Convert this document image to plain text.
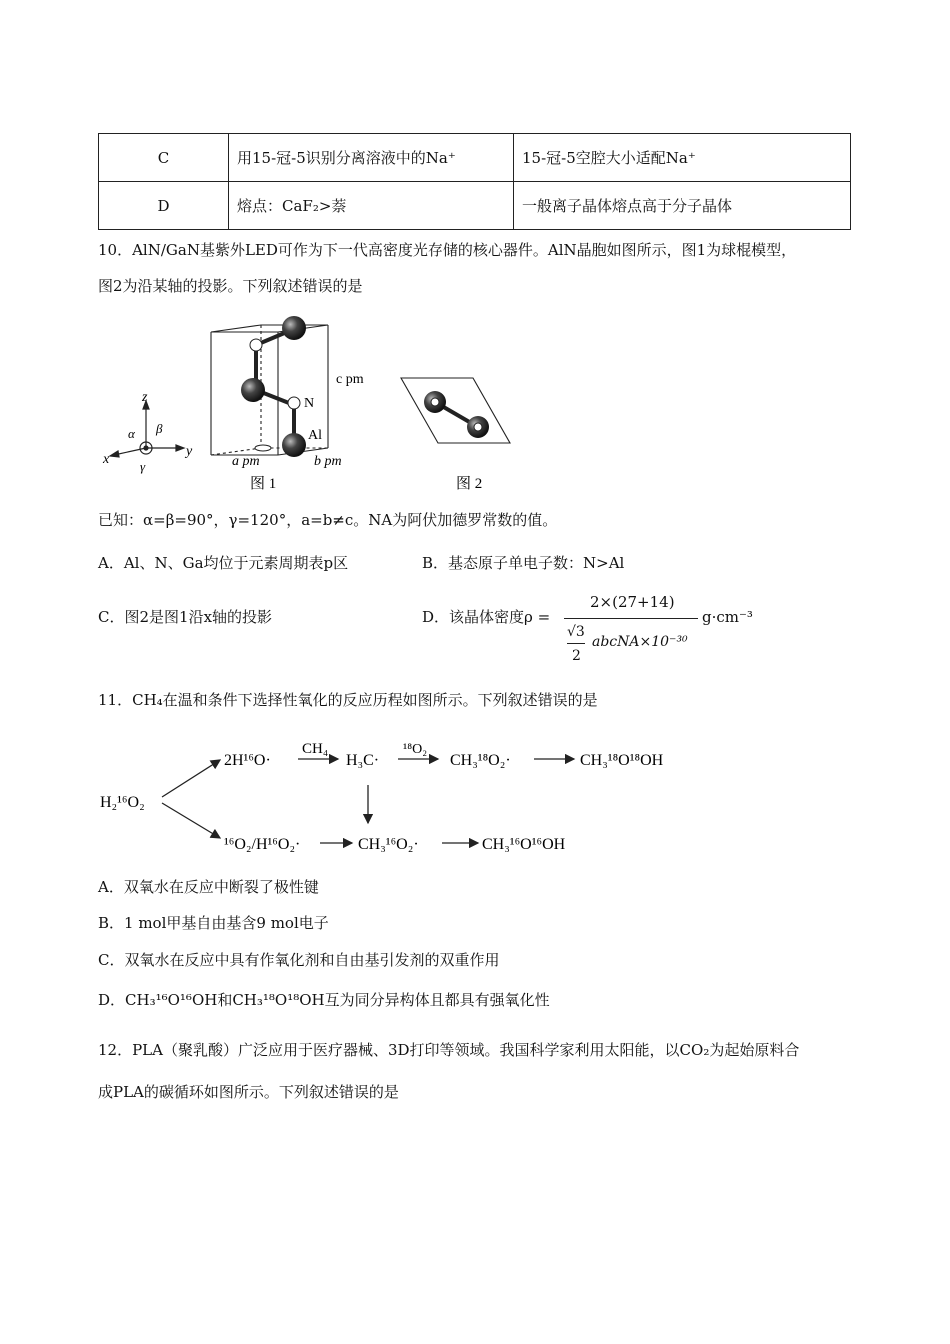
C	用15-冠-5识别分离溶液中的Na⁺	15-冠-5空腔大小适配Na⁺
D	熔点：CaF₂>萘	一般离子晶体熔点高于分子晶体
10．AlN/GaN基紫外LED可作为下一代高密度光存储的核心器件。AlN晶胞如图所示，图1为球棍模型，
图2为沿某轴的投影。下列叙述错误的是
z
x
y
α β
γ
c pm
N
Al
a pm	b pm
图 1	图 2
已知：α=β=90°，γ=120°，a=b≠c。NA为阿伏加德罗常数的值。
A．Al、N、Ga均位于元素周期表p区	B．基态原子单电子数：N>Al
C．图2是图1沿x轴的投影	D．该晶体密度ρ =
2×(27+14)
√3
2
abcNA×10⁻³⁰
g·cm⁻³
11．CH₄在温和条件下选择性氧化的反应历程如图所示。下列叙述错误的是
H₂¹⁶O₂
2H¹⁶O·
CH₄
H₃C·
¹⁸O₂
CH₃¹⁸O₂·	CH₃¹⁸O¹⁸OH
¹⁶O₂/H¹⁶O₂·	CH₃¹⁶O₂·	CH₃¹⁶O¹⁶OH
A．双氧水在反应中断裂了极性键
B．1 mol甲基自由基含9 mol电子
C．双氧水在反应中具有作氧化剂和自由基引发剂的双重作用
D．CH₃¹⁶O¹⁶OH和CH₃¹⁸O¹⁸OH互为同分异构体且都具有强氧化性
12．PLA（聚乳酸）广泛应用于医疗器械、3D打印等领域。我国科学家利用太阳能，以CO₂为起始原料合
成PLA的碳循环如图所示。下列叙述错误的是
